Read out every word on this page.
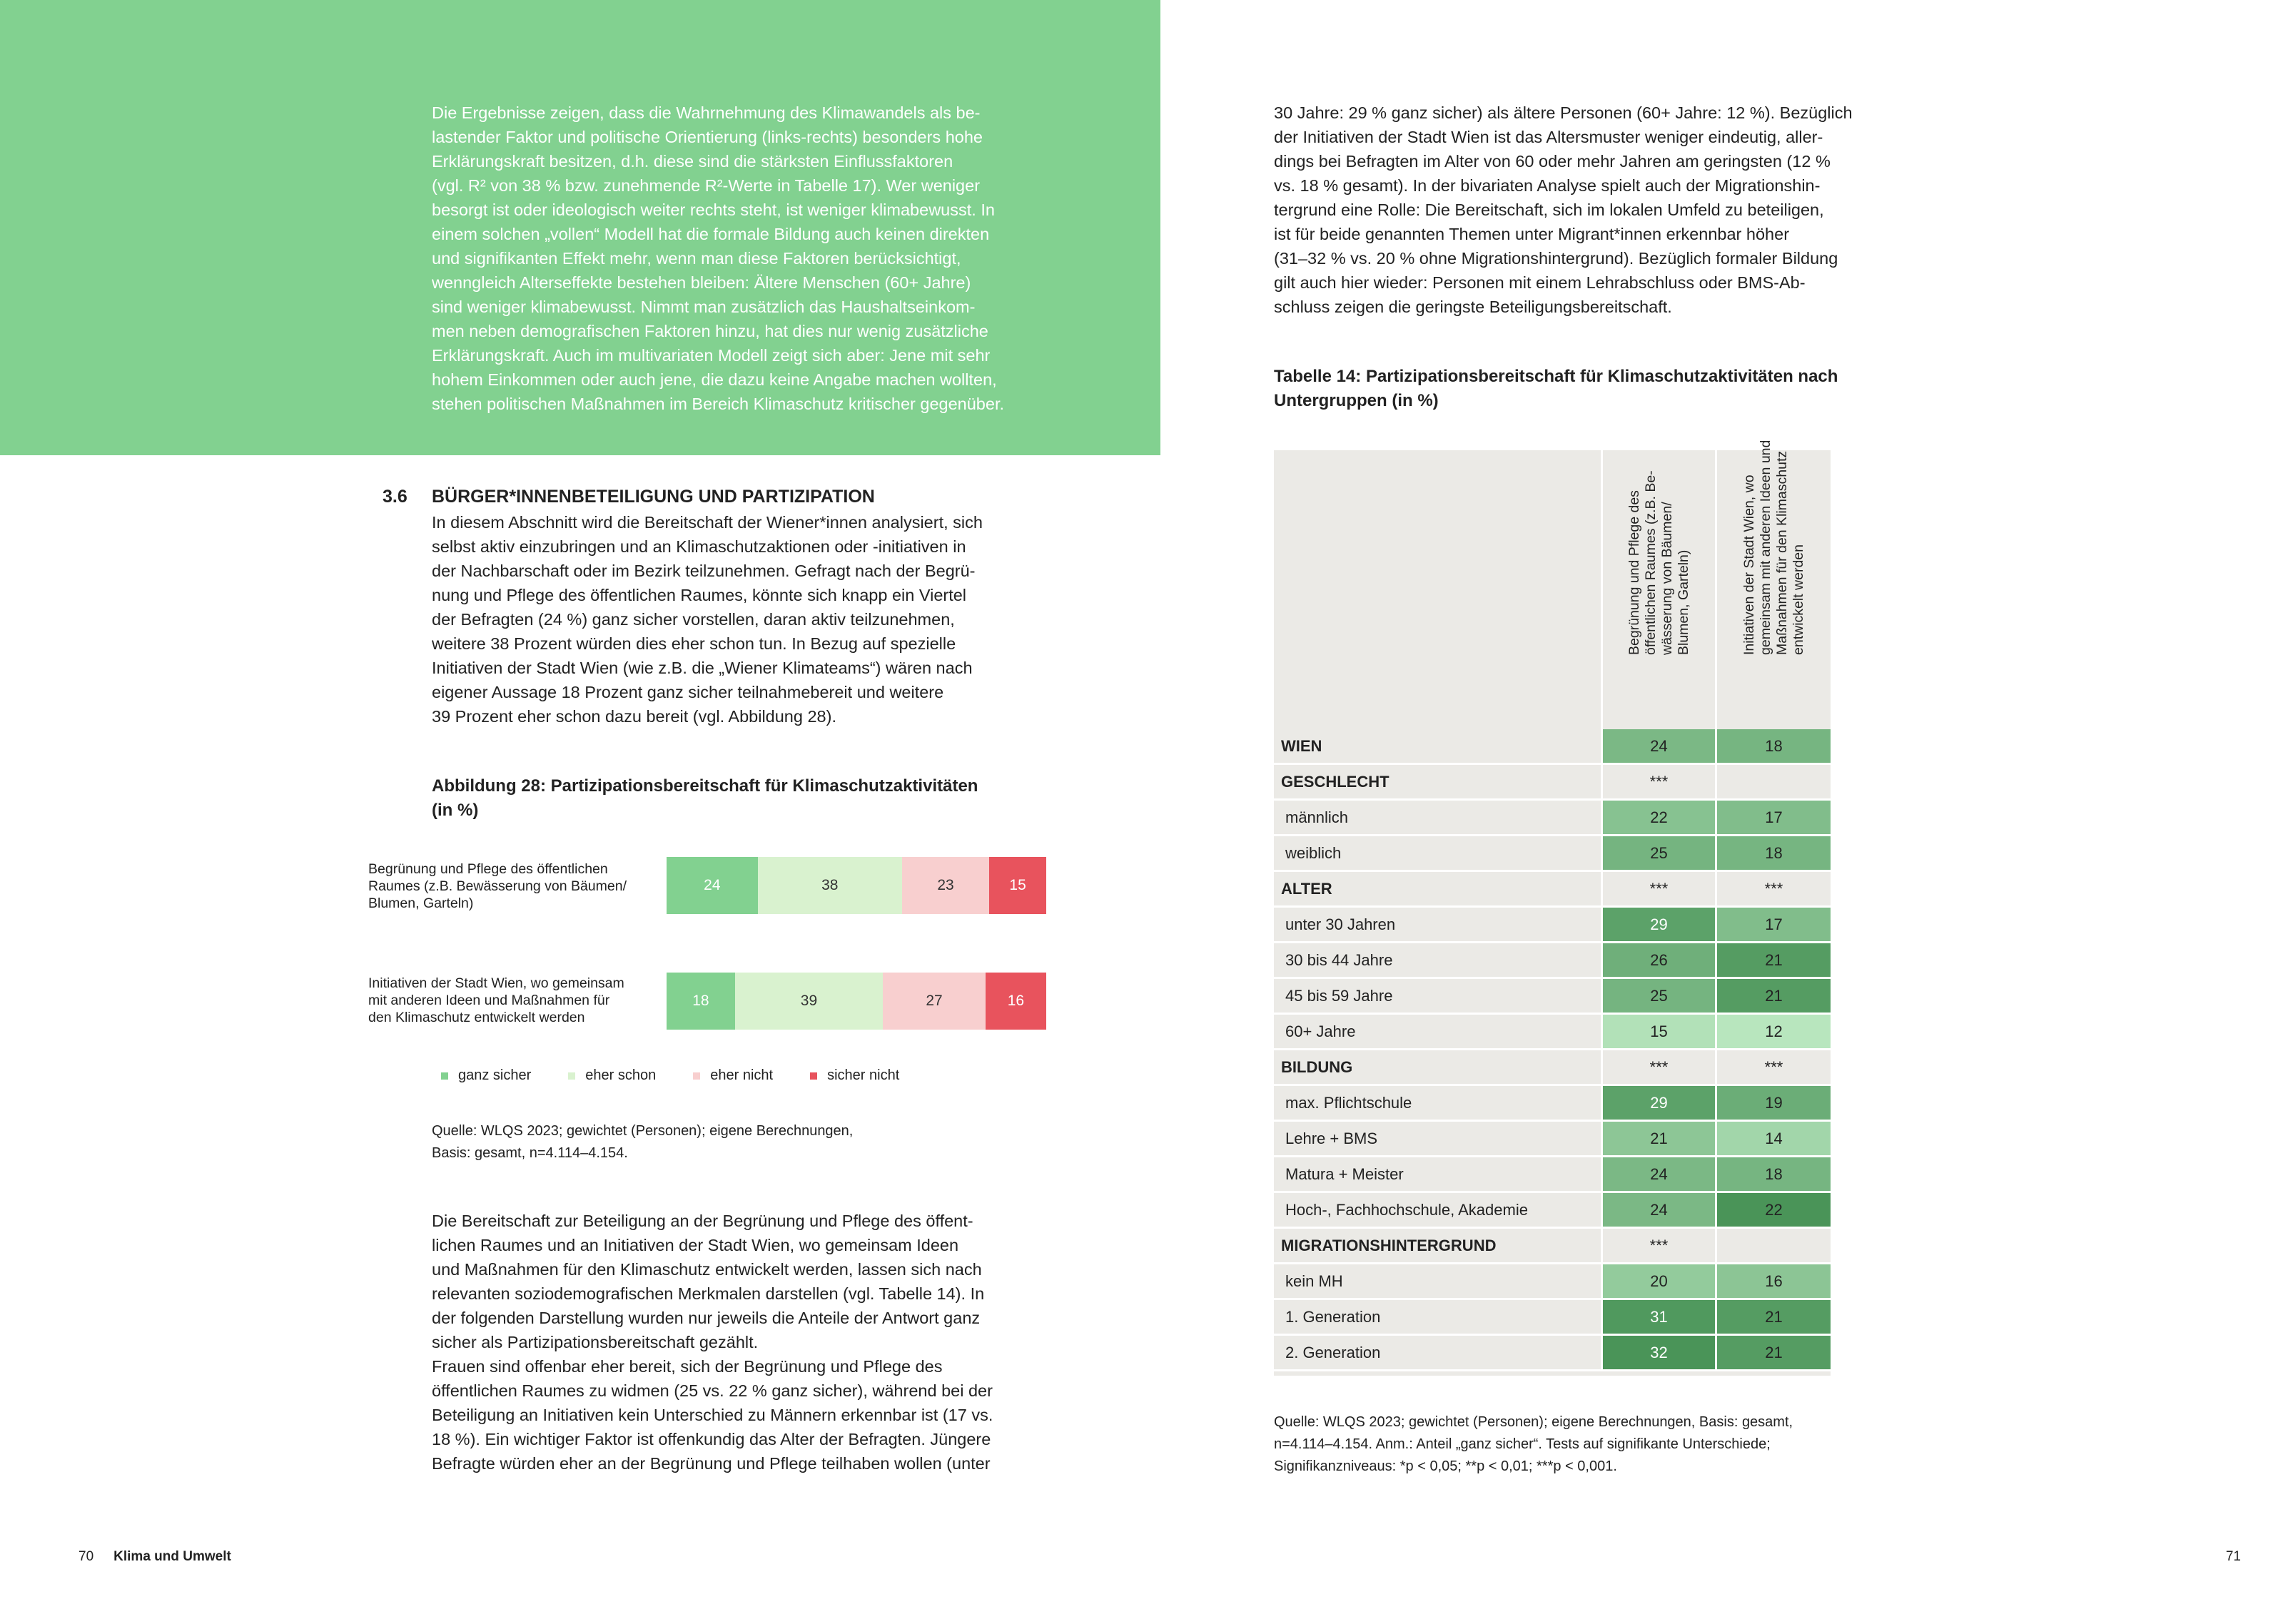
Die Ergebnisse zeigen, dass die Wahrnehmung des Klimawandels als be-
lastender Faktor und politische Orientierung (links-rechts) besonders hohe
Erklärungskraft besitzen, d.h. diese sind die stärksten Einflussfaktoren
(vgl. R² von 38 % bzw. zunehmende R²-Werte in Tabelle 17). Wer weniger
besorgt ist oder ideologisch weiter rechts steht, ist weniger klimabewusst. In
einem solchen „vollen“ Modell hat die formale Bildung auch keinen direkten
und signifikanten Effekt mehr, wenn man diese Faktoren berücksichtigt,
wenngleich Alterseffekte bestehen bleiben: Ältere Menschen (60+ Jahre)
sind weniger klimabewusst. Nimmt man zusätzlich das Haushaltseinkom-
men neben demografischen Faktoren hinzu, hat dies nur wenig zusätzliche
Erklärungskraft. Auch im multivariaten Modell zeigt sich aber: Jene mit sehr
hohem Einkommen oder auch jene, die dazu keine Angabe machen wollten,
stehen politischen Maßnahmen im Bereich Klimaschutz kritischer gegenüber.

3.6 BÜRGER*INNENBETEILIGUNG UND PARTIZIPATION

In diesem Abschnitt wird die Bereitschaft der Wiener*innen analysiert, sich
selbst aktiv einzubringen und an Klimaschutzaktionen oder -initiativen in
der Nachbarschaft oder im Bezirk teilzunehmen. Gefragt nach der Begrü-
nung und Pflege des öffentlichen Raumes, könnte sich knapp ein Viertel
der Befragten (24 %) ganz sicher vorstellen, daran aktiv teilzunehmen,
weitere 38 Prozent würden dies eher schon tun. In Bezug auf spezielle
Initiativen der Stadt Wien (wie z.B. die „Wiener Klimateams“) wären nach
eigener Aussage 18 Prozent ganz sicher teilnahmebereit und weitere
39 Prozent eher schon dazu bereit (vgl. Abbildung 28).

Abbildung 28: Partizipationsbereitschaft für Klimaschutzaktivitäten
(in %)

Begrünung und Pflege des öffentlichen
Raumes (z.B. Bewässerung von Bäumen/
Blumen, Garteln)

Initiativen der Stadt Wien, wo gemeinsam
mit anderen Ideen und Maßnahmen für
den Klimaschutz entwickelt werden

24	38	23	15
18	39	27	16
ganz sicher	eher schon	eher nicht	sicher nicht

Quelle: WLQS 2023; gewichtet (Personen); eigene Berechnungen,
Basis: gesamt, n=4.114–4.154.

Die Bereitschaft zur Beteiligung an der Begrünung und Pflege des öffent-
lichen Raumes und an Initiativen der Stadt Wien, wo gemeinsam Ideen
und Maßnahmen für den Klimaschutz entwickelt werden, lassen sich nach
relevanten soziodemografischen Merkmalen darstellen (vgl. Tabelle 14). In
der folgenden Darstellung wurden nur jeweils die Anteile der Antwort ganz
sicher als Partizipationsbereitschaft gezählt.
Frauen sind offenbar eher bereit, sich der Begrünung und Pflege des
öffentlichen Raumes zu widmen (25 vs. 22 % ganz sicher), während bei der
Beteiligung an Initiativen kein Unterschied zu Männern erkennbar ist (17 vs.
18 %). Ein wichtiger Faktor ist offenkundig das Alter der Befragten. Jüngere
Befragte würden eher an der Begrünung und Pflege teilhaben wollen (unter

70 Klima und Umwelt

30 Jahre: 29 % ganz sicher) als ältere Personen (60+ Jahre: 12 %). Bezüglich
der Initiativen der Stadt Wien ist das Altersmuster weniger eindeutig, aller-
dings bei Befragten im Alter von 60 oder mehr Jahren am geringsten (12 %
vs. 18 % gesamt). In der bivariaten Analyse spielt auch der Migrationshin-
tergrund eine Rolle: Die Bereitschaft, sich im lokalen Umfeld zu beteiligen,
ist für beide genannten Themen unter Migrant*innen erkennbar höher
(31–32 % vs. 20 % ohne Migrationshintergrund). Bezüglich formaler Bildung
gilt auch hier wieder: Personen mit einem Lehrabschluss oder BMS-Ab-
schluss zeigen die geringste Beteiligungsbereitschaft.

Tabelle 14: Partizipationsbereitschaft für Klimaschutzaktivitäten nach
Untergruppen (in %)

Begrünung und Pflege des
öffentlichen Raumes (z.B. Be-
wässerung von Bäumen/
Blumen, Garteln)
Initiativen der Stadt Wien, wo
gemeinsam mit anderen Ideen und
Maßnahmen für den Klimaschutz
entwickelt werden
WIEN	24	18
GESCHLECHT	***
männlich	22	17
weiblich	25	18
ALTER	***	***
unter 30 Jahren	29	17
30 bis 44 Jahre	26	21
45 bis 59 Jahre	25	21
60+ Jahre	15	12
BILDUNG	***	***
max. Pflichtschule	29	19
Lehre + BMS	21	14
Matura + Meister	24	18
Hoch-, Fachhochschule, Akademie	24	22
MIGRATIONSHINTERGRUND	***
kein MH	20	16
1. Generation	31	21
2. Generation	32	21

Quelle: WLQS 2023; gewichtet (Personen); eigene Berechnungen, Basis: gesamt,
n=4.114–4.154. Anm.: Anteil „ganz sicher“. Tests auf signifikante Unterschiede;
Signifikanzniveaus: *p < 0,05; **p < 0,01; ***p < 0,001.

71
